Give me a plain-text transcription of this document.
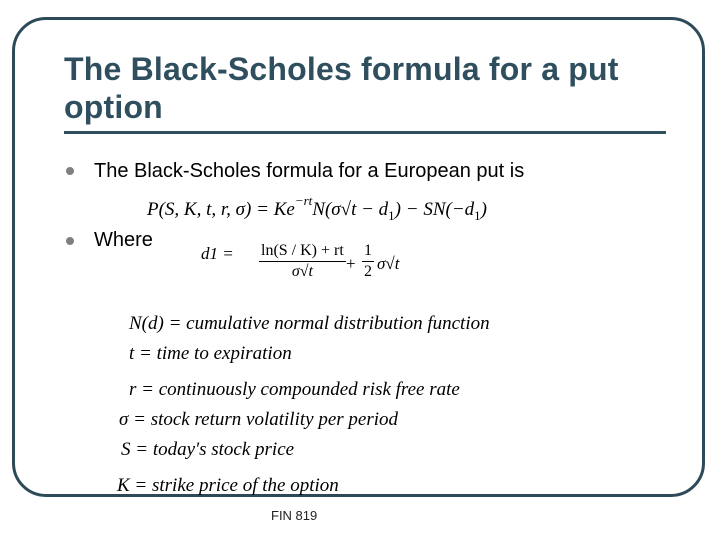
The Black-Scholes formula for a put option
The Black-Scholes formula for a European put is
P(S, K, t, r, $\sigma) = Ke^{-rt}N(\sigma√t - d_1) - SN(-d_1)$
Where
$d1 = \frac{\ln(S / K) + rt}{\sigma√t} + \frac{1}{2} \sigma√t$
N(d) = cumulative normal distribution function
t = time to expiration
r = continuously compounded risk free rate
σ = stock return volatility per period
S = today's stock price
K = strike price of the option
FIN 819
